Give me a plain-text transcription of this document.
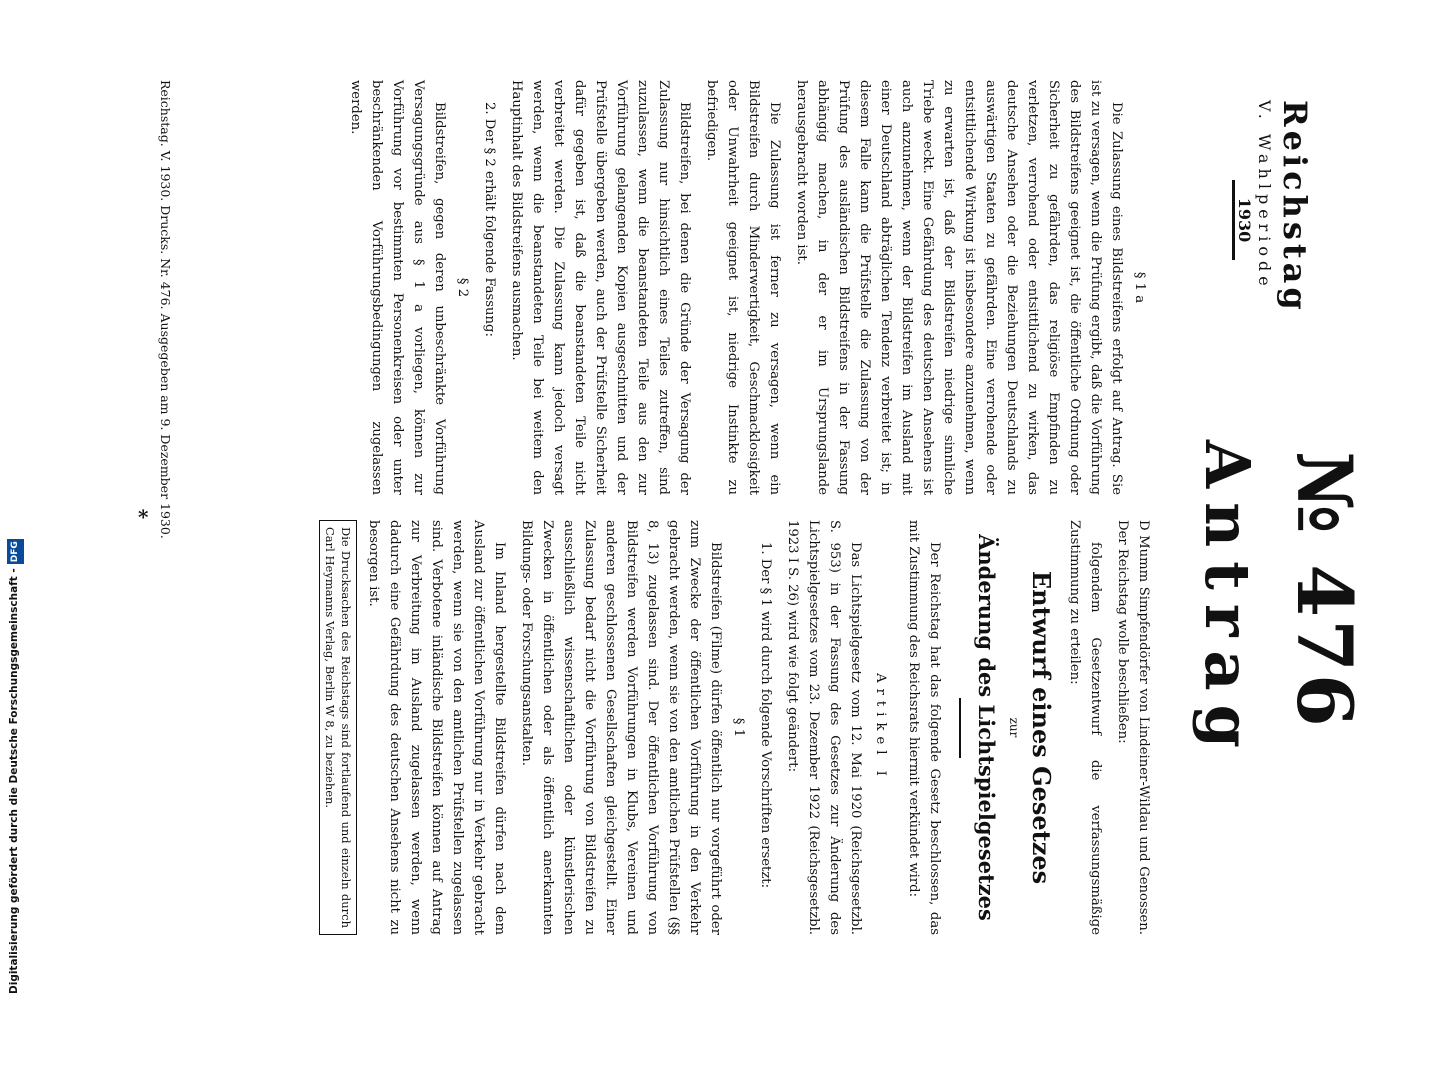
Reichstag
V. Wahlperiode
1930
№ 476
Antrag

D Mumm Simpfendörfer von Lindeiner-Wildau und Genossen. Der Reichstag wolle beschließen:

folgendem Gesetzentwurf die verfassungsmäßige Zustimmung zu erteilen:

Entwurf eines Gesetzes
zur
Änderung des Lichtspielgesetzes

Der Reichstag hat das folgende Gesetz beschlossen, das mit Zustimmung des Reichsrats hiermit verkündet wird:

Artikel I

Das Lichtspielgesetz vom 12. Mai 1920 (Reichsgesetzbl. S. 953) in der Fassung des Gesetzes zur Änderung des Lichtspielgesetzes vom 23. Dezember 1922 (Reichsgesetzbl. 1923 I S. 26) wird wie folgt geändert:

1. Der § 1 wird durch folgende Vorschriften ersetzt:

§ 1

Bildstreifen (Filme) dürfen öffentlich nur vorgeführt oder zum Zwecke der öffentlichen Vorführung in den Verkehr gebracht werden, wenn sie von den amtlichen Prüfstellen (§§ 8, 13) zugelassen sind. Der öffentlichen Vorführung von Bildstreifen werden Vorführungen in Klubs, Vereinen und anderen geschlossenen Gesellschaften gleichgestellt. Einer Zulassung bedarf nicht die Vorführung von Bildstreifen zu ausschließlich wissenschaftlichen oder künstlerischen Zwecken in öffentlichen oder als öffentlich anerkannten Bildungs- oder Forschungsanstalten.

Im Inland hergestellte Bildstreifen dürfen nach dem Ausland zur öffentlichen Vorführung nur in Verkehr gebracht werden, wenn sie von den amtlichen Prüfstellen zugelassen sind. Verbotene inländische Bildstreifen können auf Antrag zur Verbreitung im Ausland zugelassen werden, wenn dadurch eine Gefährdung des deutschen Ansehens nicht zu besorgen ist.

Die Drucksachen des Reichstags sind fortlaufend und einzeln durch Carl Heymanns Verlag, Berlin W 8, zu beziehen.
§ 1 a

Die Zulassung eines Bildstreifens erfolgt auf Antrag. Sie ist zu versagen, wenn die Prüfung ergibt, daß die Vorführung des Bildstreifens geeignet ist, die öffentliche Ordnung oder Sicherheit zu gefährden, das religiöse Empfinden zu verletzen, verrohend oder entsittlichend zu wirken, das deutsche Ansehen oder die Beziehungen Deutschlands zu auswärtigen Staaten zu gefährden. Eine verrohende oder entsittlichende Wirkung ist insbesondere anzunehmen, wenn zu erwarten ist, daß der Bildstreifen niedrige sinnliche Triebe weckt. Eine Gefährdung des deutschen Ansehens ist auch anzunehmen, wenn der Bildstreifen im Ausland mit einer Deutschland abträglichen Tendenz verbreitet ist; in diesem Falle kann die Prüfstelle die Zulassung von der Prüfung des ausländischen Bildstreifens in der Fassung abhängig machen, in der er im Ursprungslande herausgebracht worden ist.

Die Zulassung ist ferner zu versagen, wenn ein Bildstreifen durch Minderwertigkeit, Geschmacklosigkeit oder Unwahrheit geeignet ist, niedrige Instinkte zu befriedigen.

Bildstreifen, bei denen die Gründe der Versagung der Zulassung nur hinsichtlich eines Teiles zutreffen, sind zuzulassen, wenn die beanstandeten Teile aus den zur Vorführung gelangenden Kopien ausgeschnitten und der Prüfstelle übergeben werden, auch der Prüfstelle Sicherheit dafür gegeben ist, daß die beanstandeten Teile nicht verbreitet werden. Die Zulassung kann jedoch versagt werden, wenn die beanstandeten Teile bei weitem den Hauptinhalt des Bildstreifens ausmachen.

2. Der § 2 erhält folgende Fassung:

§ 2

Bildstreifen, gegen deren unbeschränkte Vorführung Versagungsgründe aus § 1 a vorliegen, können zur Vorführung vor bestimmten Personenkreisen oder unter beschränkenden Vorführungsbedingungen zugelassen werden.

Reichstag. V. 1930. Drucks. Nr. 476. Ausgegeben am 9. Dezember 1930.
*
Digitalisierung gefördert durch die Deutsche Forschungsgemeinschaft -DFG
